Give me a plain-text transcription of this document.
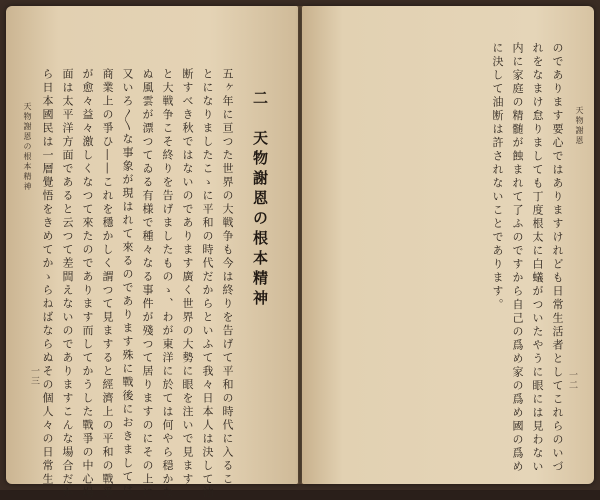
天物謝恩の根本精神
一三 ら日本國民は一層覺悟をきめてかゝらねばならぬその個人々の日常生 面は太平洋方面であると云つて差閊えないのでありますこんな場合だか が愈々益々激しくなつて來たのであります而してかうした戰爭の中心場 商業上の爭ひ――これを穩かしく謂つて見ますると經濟上の平和の戰爭 又いろ〳〵な事象が現はれて來るのであります殊に戰後におきましては ぬ風雲が漂つてゐる有様で種々なる事件が殘つて居りますのにその上に と大戦争こそ終りを告げましたものゝ、わが東洋に於ては何やら穏かな 断すべき秋ではないのであります廣く世界の大勢に眼を注いで見ます とになりましたこゝに平和の時代だからといふて我々日本人は決して油 五ヶ年に亘つた世界の大戦争も今は終りを告げて平和の時代に入るこ 二　天物謝恩の根本精神	に決して油断は許されないことであります。 内に家庭の精髄が蝕まれて了ふのですから自己の爲め家の爲め國の爲め れをなまけ怠りましても丁度根太に白蟻がついたやうに眼には見わない のであります要心ではありますけれども日常生活者としてこれらのいづ 天物謝恩
一二
